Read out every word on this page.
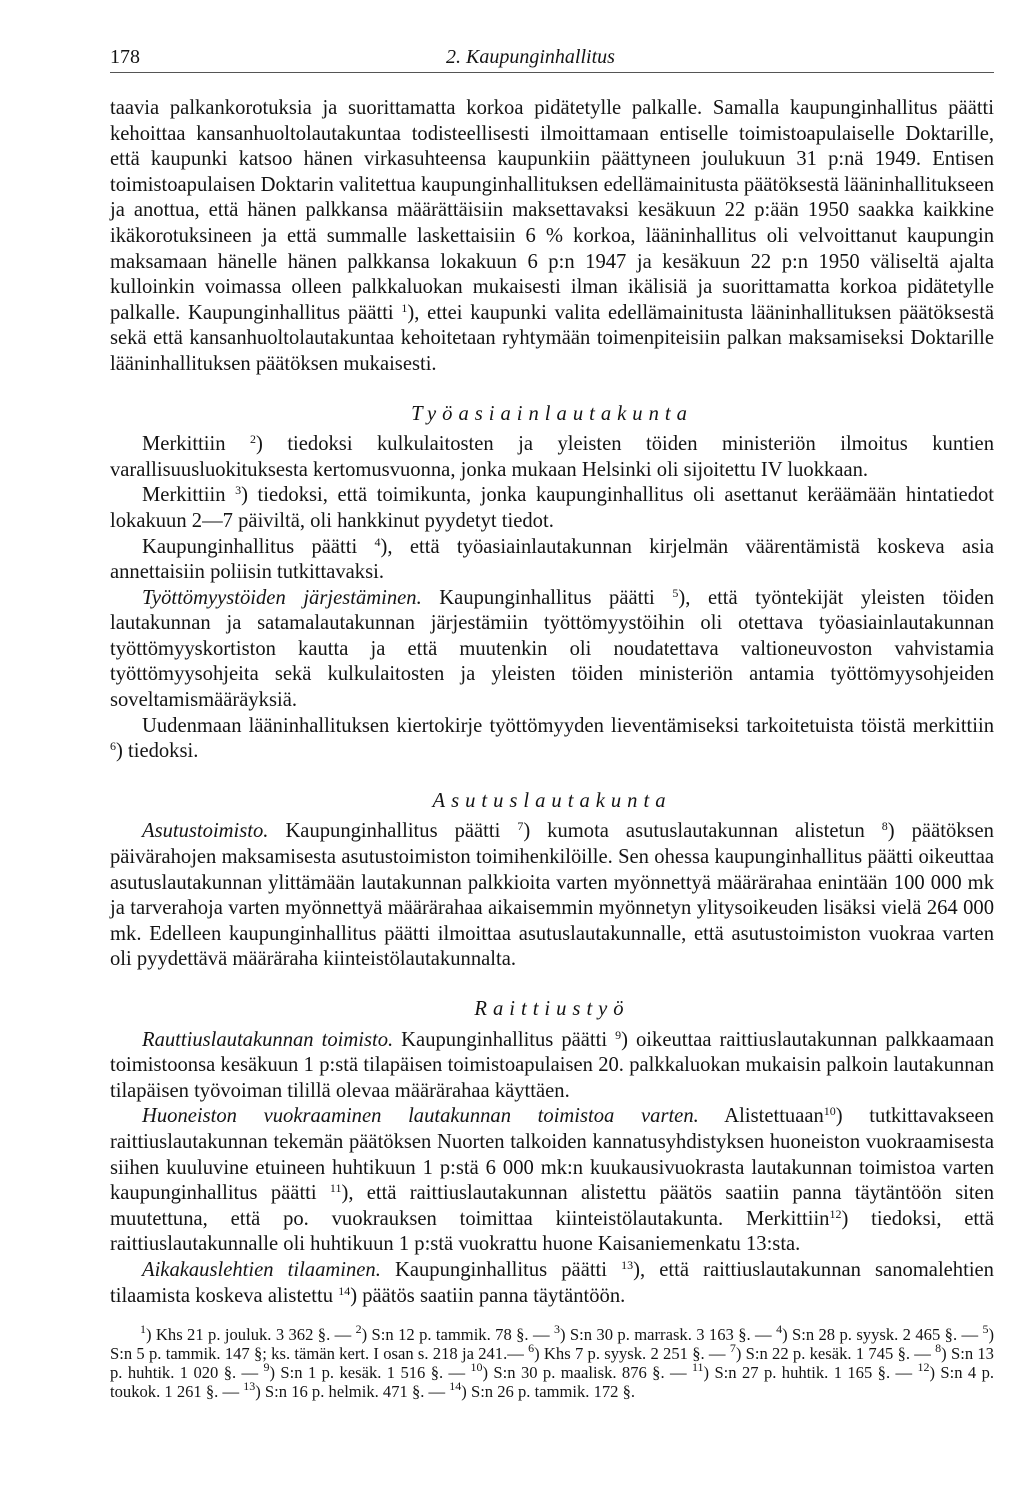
178	2. Kaupunginhallitus

taavia palkankorotuksia ja suorittamatta korkoa pidätetylle palkalle. Samalla kaupunginhallitus päätti kehoittaa kansanhuoltolautakuntaa todisteellisesti ilmoittamaan entiselle toimistoapulaiselle Doktarille, että kaupunki katsoo hänen virkasuhteensa kaupunkiin päättyneen joulukuun 31 p:nä 1949. Entisen toimistoapulaisen Doktarin valitettua kaupunginhallituksen edellämainitusta päätöksestä lääninhallitukseen ja anottua, että hänen palkkansa määrättäisiin maksettavaksi kesäkuun 22 p:ään 1950 saakka kaikkine ikäkorotuksineen ja että summalle laskettaisiin 6 % korkoa, lääninhallitus oli velvoittanut kaupungin maksamaan hänelle hänen palkkansa lokakuun 6 p:n 1947 ja kesäkuun 22 p:n 1950 väliseltä ajalta kulloinkin voimassa olleen palkkaluokan mukaisesti ilman ikälisiä ja suorittamatta korkoa pidätetylle palkalle. Kaupunginhallitus päätti $^1$), ettei kaupunki valita edellämainitusta lääninhallituksen päätöksestä sekä että kansanhuoltolautakuntaa kehoitetaan ryhtymään toimenpiteisiin palkan maksamiseksi Doktarille lääninhallituksen päätöksen mukaisesti.

Työasiainlautakunta

Merkittiin $^2$) tiedoksi kulkulaitosten ja yleisten töiden ministeriön ilmoitus kuntien varallisuusluokituksesta kertomusvuonna, jonka mukaan Helsinki oli sijoitettu IV luokkaan.

Merkittiin $^3$) tiedoksi, että toimikunta, jonka kaupunginhallitus oli asettanut keräämään hintatiedot lokakuun 2—7 päiviltä, oli hankkinut pyydetyt tiedot.

Kaupunginhallitus päätti $^4$), että työasiainlautakunnan kirjelmän väärentämistä koskeva asia annettaisiin poliisin tutkittavaksi.

Työttömyystöiden järjestäminen. Kaupunginhallitus päätti $^5$), että työntekijät yleisten töiden lautakunnan ja satamalautakunnan järjestämiin työttömyystöihin oli otettava työasiainlautakunnan työttömyyskortiston kautta ja että muutenkin oli noudatettava valtioneuvoston vahvistamia työttömyysohjeita sekä kulkulaitosten ja yleisten töiden ministeriön antamia työttömyysohjeiden soveltamismääräyksiä.

Uudenmaan lääninhallituksen kiertokirje työttömyyden lieventämiseksi tarkoitetuista töistä merkittiin $^6$) tiedoksi.

Asutuslautakunta

Asutustoimisto. Kaupunginhallitus päätti $^7$) kumota asutuslautakunnan alistetun $^8$) päätöksen päivärahojen maksamisesta asutustoimiston toimihenkilöille. Sen ohessa kaupunginhallitus päätti oikeuttaa asutuslautakunnan ylittämään lautakunnan palkkioita varten myönnettyä määrärahaa enintään 100 000 mk ja tarverahoja varten myönnettyä määrärahaa aikaisemmin myönnetyn ylitysoikeuden lisäksi vielä 264 000 mk. Edelleen kaupunginhallitus päätti ilmoittaa asutuslautakunnalle, että asutustoimiston vuokraa varten oli pyydettävä määräraha kiinteistölautakunnalta.

Raittiustyö

Rauttiuslautakunnan toimisto. Kaupunginhallitus päätti $^9$) oikeuttaa raittiuslautakunnan palkkaamaan toimistoonsa kesäkuun 1 p:stä tilapäisen toimistoapulaisen 20. palkkaluokan mukaisin palkoin lautakunnan tilapäisen työvoiman tilillä olevaa määrärahaa käyttäen.

Huoneiston vuokraaminen lautakunnan toimistoa varten. Alistettuaan$^{10}$) tutkittavakseen raittiuslautakunnan tekemän päätöksen Nuorten talkoiden kannatusyhdistyksen huoneiston vuokraamisesta siihen kuuluvine etuineen huhtikuun 1 p:stä 6 000 mk:n kuukausivuokrasta lautakunnan toimistoa varten kaupunginhallitus päätti $^{11}$), että raittiuslautakunnan alistettu päätös saatiin panna täytäntöön siten muutettuna, että po. vuokrauksen toimittaa kiinteistölautakunta. Merkittiin$^{12}$) tiedoksi, että raittiuslautakunnalle oli huhtikuun 1 p:stä vuokrattu huone Kaisaniemenkatu 13:sta.

Aikakauslehtien tilaaminen. Kaupunginhallitus päätti $^{13}$), että raittiuslautakunnan sanomalehtien tilaamista koskeva alistettu $^{14}$) päätös saatiin panna täytäntöön.

$^1$) Khs 21 p. jouluk. 3 362 §. — $^2$) S:n 12 p. tammik. 78 §. — $^3$) S:n 30 p. marrask. 3 163 §. — $^4$) S:n 28 p. syysk. 2 465 §. — $^5$) S:n 5 p. tammik. 147 §; ks. tämän kert. I osan s. 218 ja 241.— $^6$) Khs 7 p. syysk. 2 251 §. — $^7$) S:n 22 p. kesäk. 1 745 §. — $^8$) S:n 13 p. huhtik. 1 020 §. — $^9$) S:n 1 p. kesäk. 1 516 §. — $^{10}$) S:n 30 p. maalisk. 876 §. — $^{11}$) S:n 27 p. huhtik. 1 165 §. — $^{12}$) S:n 4 p. toukok. 1 261 §. — $^{13}$) S:n 16 p. helmik. 471 §. — $^{14}$) S:n 26 p. tammik. 172 §.
